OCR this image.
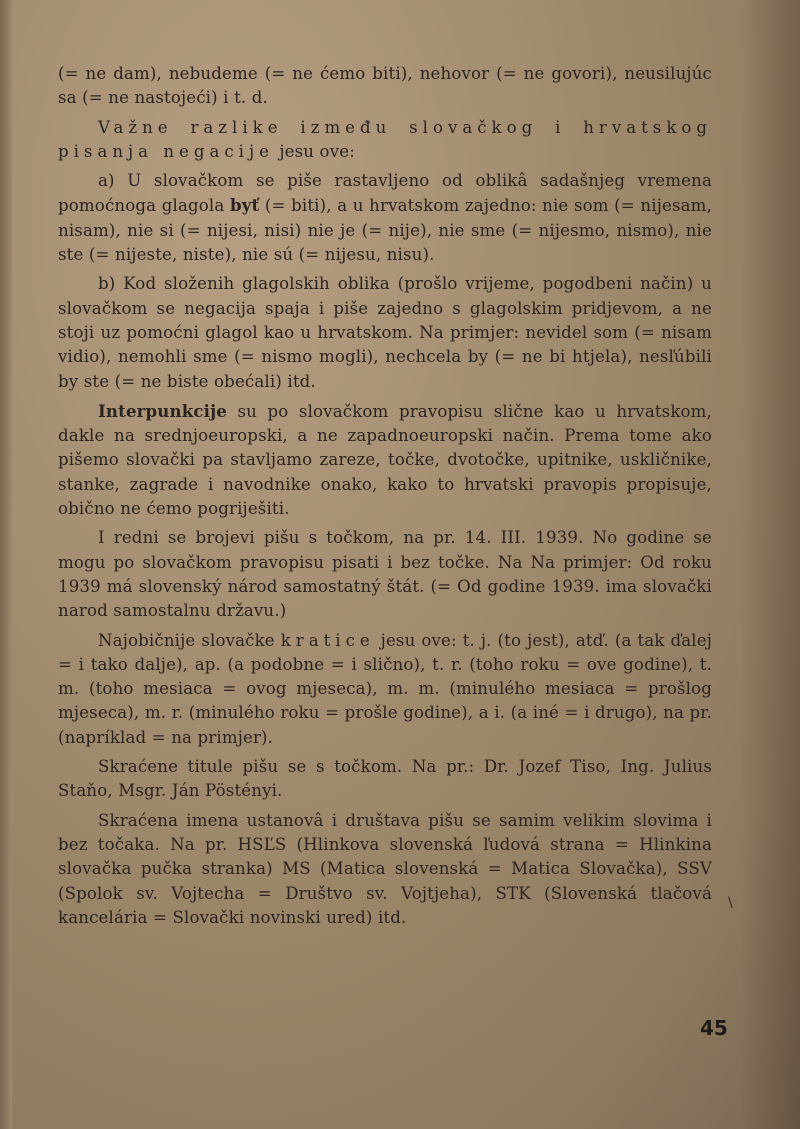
(= ne dam), nebudeme (= ne ćemo biti), nehovor (= ne govori), neusilujúc sa (= ne nastojeći) i t. d.

Važne razlike između slovačkog i hrvatskog pisanja negacije jesu ove:

a) U slovačkom se piše rastavljeno od oblikâ sadašnjeg vremena pomoćnoga glagola byť (= biti), a u hrvatskom zajedno: nie som (= nijesam, nisam), nie si (= nijesi, nisi) nie je (= nije), nie sme (= nijesmo, nismo), nie ste (= nijeste, niste), nie sú (= nijesu, nisu).

b) Kod složenih glagolskih oblika (prošlo vrijeme, pogodbeni način) u slovačkom se negacija spaja i piše zajedno s glagolskim pridjevom, a ne stoji uz pomoćni glagol kao u hrvatskom. Na primjer: nevidel som (= nisam vidio), nemohli sme (= nismo mogli), nechcela by (= ne bi htjela), nesľúbili by ste (= ne biste obećali) itd.

Interpunkcije su po slovačkom pravopisu slične kao u hrvatskom, dakle na srednjoeuropski, a ne zapadnoeuropski način. Prema tome ako pišemo slovački pa stavljamo zareze, točke, dvotočke, upitnike, uskličnike, stanke, zagrade i navodnike onako, kako to hrvatski pravopis propisuje, obično ne ćemo pogriješiti.

I redni se brojevi pišu s točkom, na pr. 14. III. 1939. No godine se mogu po slovačkom pravopisu pisati i bez točke. Na Na primjer: Od roku 1939 má slovenský národ samostatný štát. (= Od godine 1939. ima slovački narod samostalnu državu.)

Najobičnije slovačke kratice jesu ove: t. j. (to jest), atď. (a tak ďalej = i tako dalje), ap. (a podobne = i slično), t. r. (toho roku = ove godine), t. m. (toho mesiaca = ovog mjeseca), m. m. (minulého mesiaca = prošlog mjeseca), m. r. (minulého roku = prošle godine), a i. (a iné = i drugo), na pr. (napríklad = na primjer).

Skraćene titule pišu se s točkom. Na pr.: Dr. Jozef Tiso, Ing. Julius Staňo, Msgr. Ján Pöstényi.

Skraćena imena ustanovâ i društava pišu se samim velikim slovima i bez točaka. Na pr. HSĽS (Hlinkova slovenská ľudová strana = Hlinkina slovačka pučka stranka) MS (Matica slovenská = Matica Slovačka), SSV (Spolok sv. Vojtecha = Društvo sv. Vojtjeha), STK (Slovenská tlačová kancelária = Slovački novinski ured) itd.

\
45
